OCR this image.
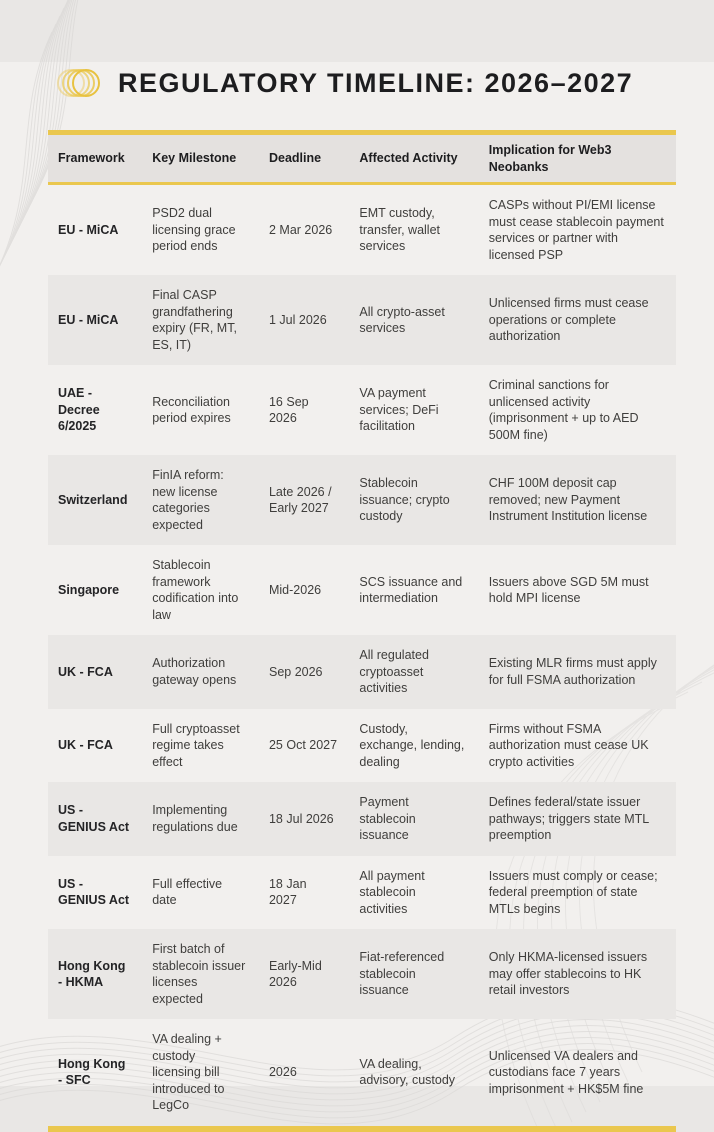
REGULATORY TIMELINE: 2026–2027
Framework	Key Milestone	Deadline	Affected Activity	Implication for Web3 Neobanks
EU - MiCA	PSD2 dual licensing grace period ends	2 Mar 2026	EMT custody, transfer, wallet services	CASPs without PI/EMI license must cease stablecoin payment services or partner with licensed PSP
EU - MiCA	Final CASP grandfathering expiry (FR, MT, ES, IT)	1 Jul 2026	All crypto-asset services	Unlicensed firms must cease operations or complete authorization
UAE - Decree 6/2025	Reconciliation period expires	16 Sep 2026	VA payment services; DeFi facilitation	Criminal sanctions for unlicensed activity (imprisonment + up to AED 500M fine)
Switzerland	FinIA reform: new license categories expected	Late 2026 / Early 2027	Stablecoin issuance; crypto custody	CHF 100M deposit cap removed; new Payment Instrument Institution license
Singapore	Stablecoin framework codification into law	Mid-2026	SCS issuance and intermediation	Issuers above SGD 5M must hold MPI license
UK - FCA	Authorization gateway opens	Sep 2026	All regulated cryptoasset activities	Existing MLR firms must apply for full FSMA authorization
UK - FCA	Full cryptoasset regime takes effect	25 Oct 2027	Custody, exchange, lending, dealing	Firms without FSMA authorization must cease UK crypto activities
US - GENIUS Act	Implementing regulations due	18 Jul 2026	Payment stablecoin issuance	Defines federal/state issuer pathways; triggers state MTL preemption
US - GENIUS Act	Full effective date	18 Jan 2027	All payment stablecoin activities	Issuers must comply or cease; federal preemption of state MTLs begins
Hong Kong - HKMA	First batch of stablecoin issuer licenses expected	Early-Mid 2026	Fiat-referenced stablecoin issuance	Only HKMA-licensed issuers may offer stablecoins to HK retail investors
Hong Kong - SFC	VA dealing + custody licensing bill introduced to LegCo	2026	VA dealing, advisory, custody	Unlicensed VA dealers and custodians face 7 years imprisonment + HK$5M fine
